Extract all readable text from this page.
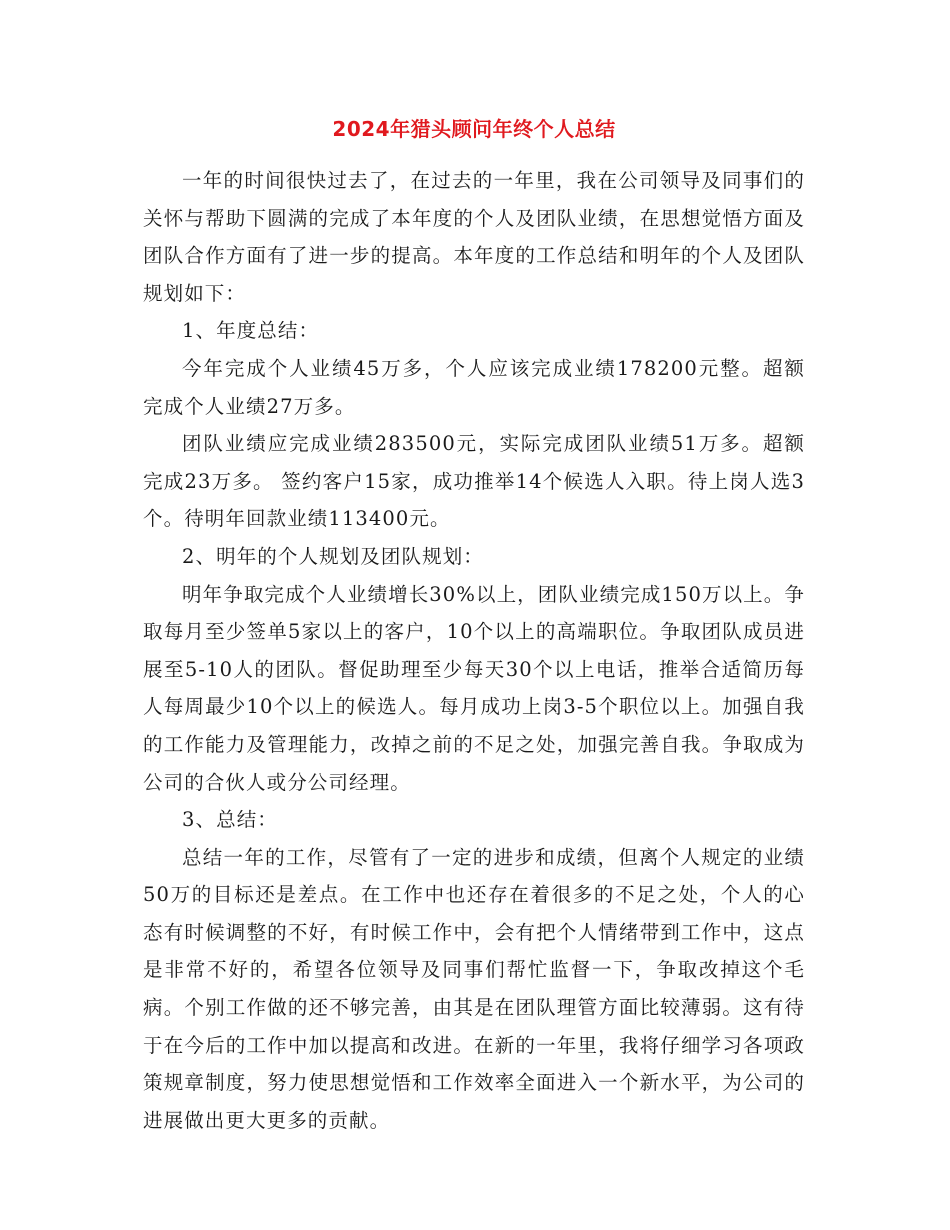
2024年猎头顾问年终个人总结

一年的时间很快过去了，在过去的一年里，我在公司领导及同事们的关怀与帮助下圆满的完成了本年度的个人及团队业绩，在思想觉悟方面及团队合作方面有了进一步的提高。本年度的工作总结和明年的个人及团队规划如下：

1、年度总结：

今年完成个人业绩45万多，个人应该完成业绩178200元整。超额完成个人业绩27万多。

团队业绩应完成业绩283500元，实际完成团队业绩51万多。超额完成23万多。 签约客户15家，成功推举14个候选人入职。待上岗人选3个。待明年回款业绩113400元。

2、明年的个人规划及团队规划：

明年争取完成个人业绩增长30%以上，团队业绩完成150万以上。争取每月至少签单5家以上的客户，10个以上的高端职位。争取团队成员进展至5-10人的团队。督促助理至少每天30个以上电话，推举合适简历每人每周最少10个以上的候选人。每月成功上岗3-5个职位以上。加强自我的工作能力及管理能力，改掉之前的不足之处，加强完善自我。争取成为公司的合伙人或分公司经理。

3、总结：

总结一年的工作，尽管有了一定的进步和成绩，但离个人规定的业绩50万的目标还是差点。在工作中也还存在着很多的不足之处，个人的心态有时候调整的不好，有时候工作中，会有把个人情绪带到工作中，这点是非常不好的，希望各位领导及同事们帮忙监督一下，争取改掉这个毛病。个别工作做的还不够完善，由其是在团队理管方面比较薄弱。这有待于在今后的工作中加以提高和改进。在新的一年里，我将仔细学习各项政策规章制度，努力使思想觉悟和工作效率全面进入一个新水平，为公司的进展做出更大更多的贡献。
